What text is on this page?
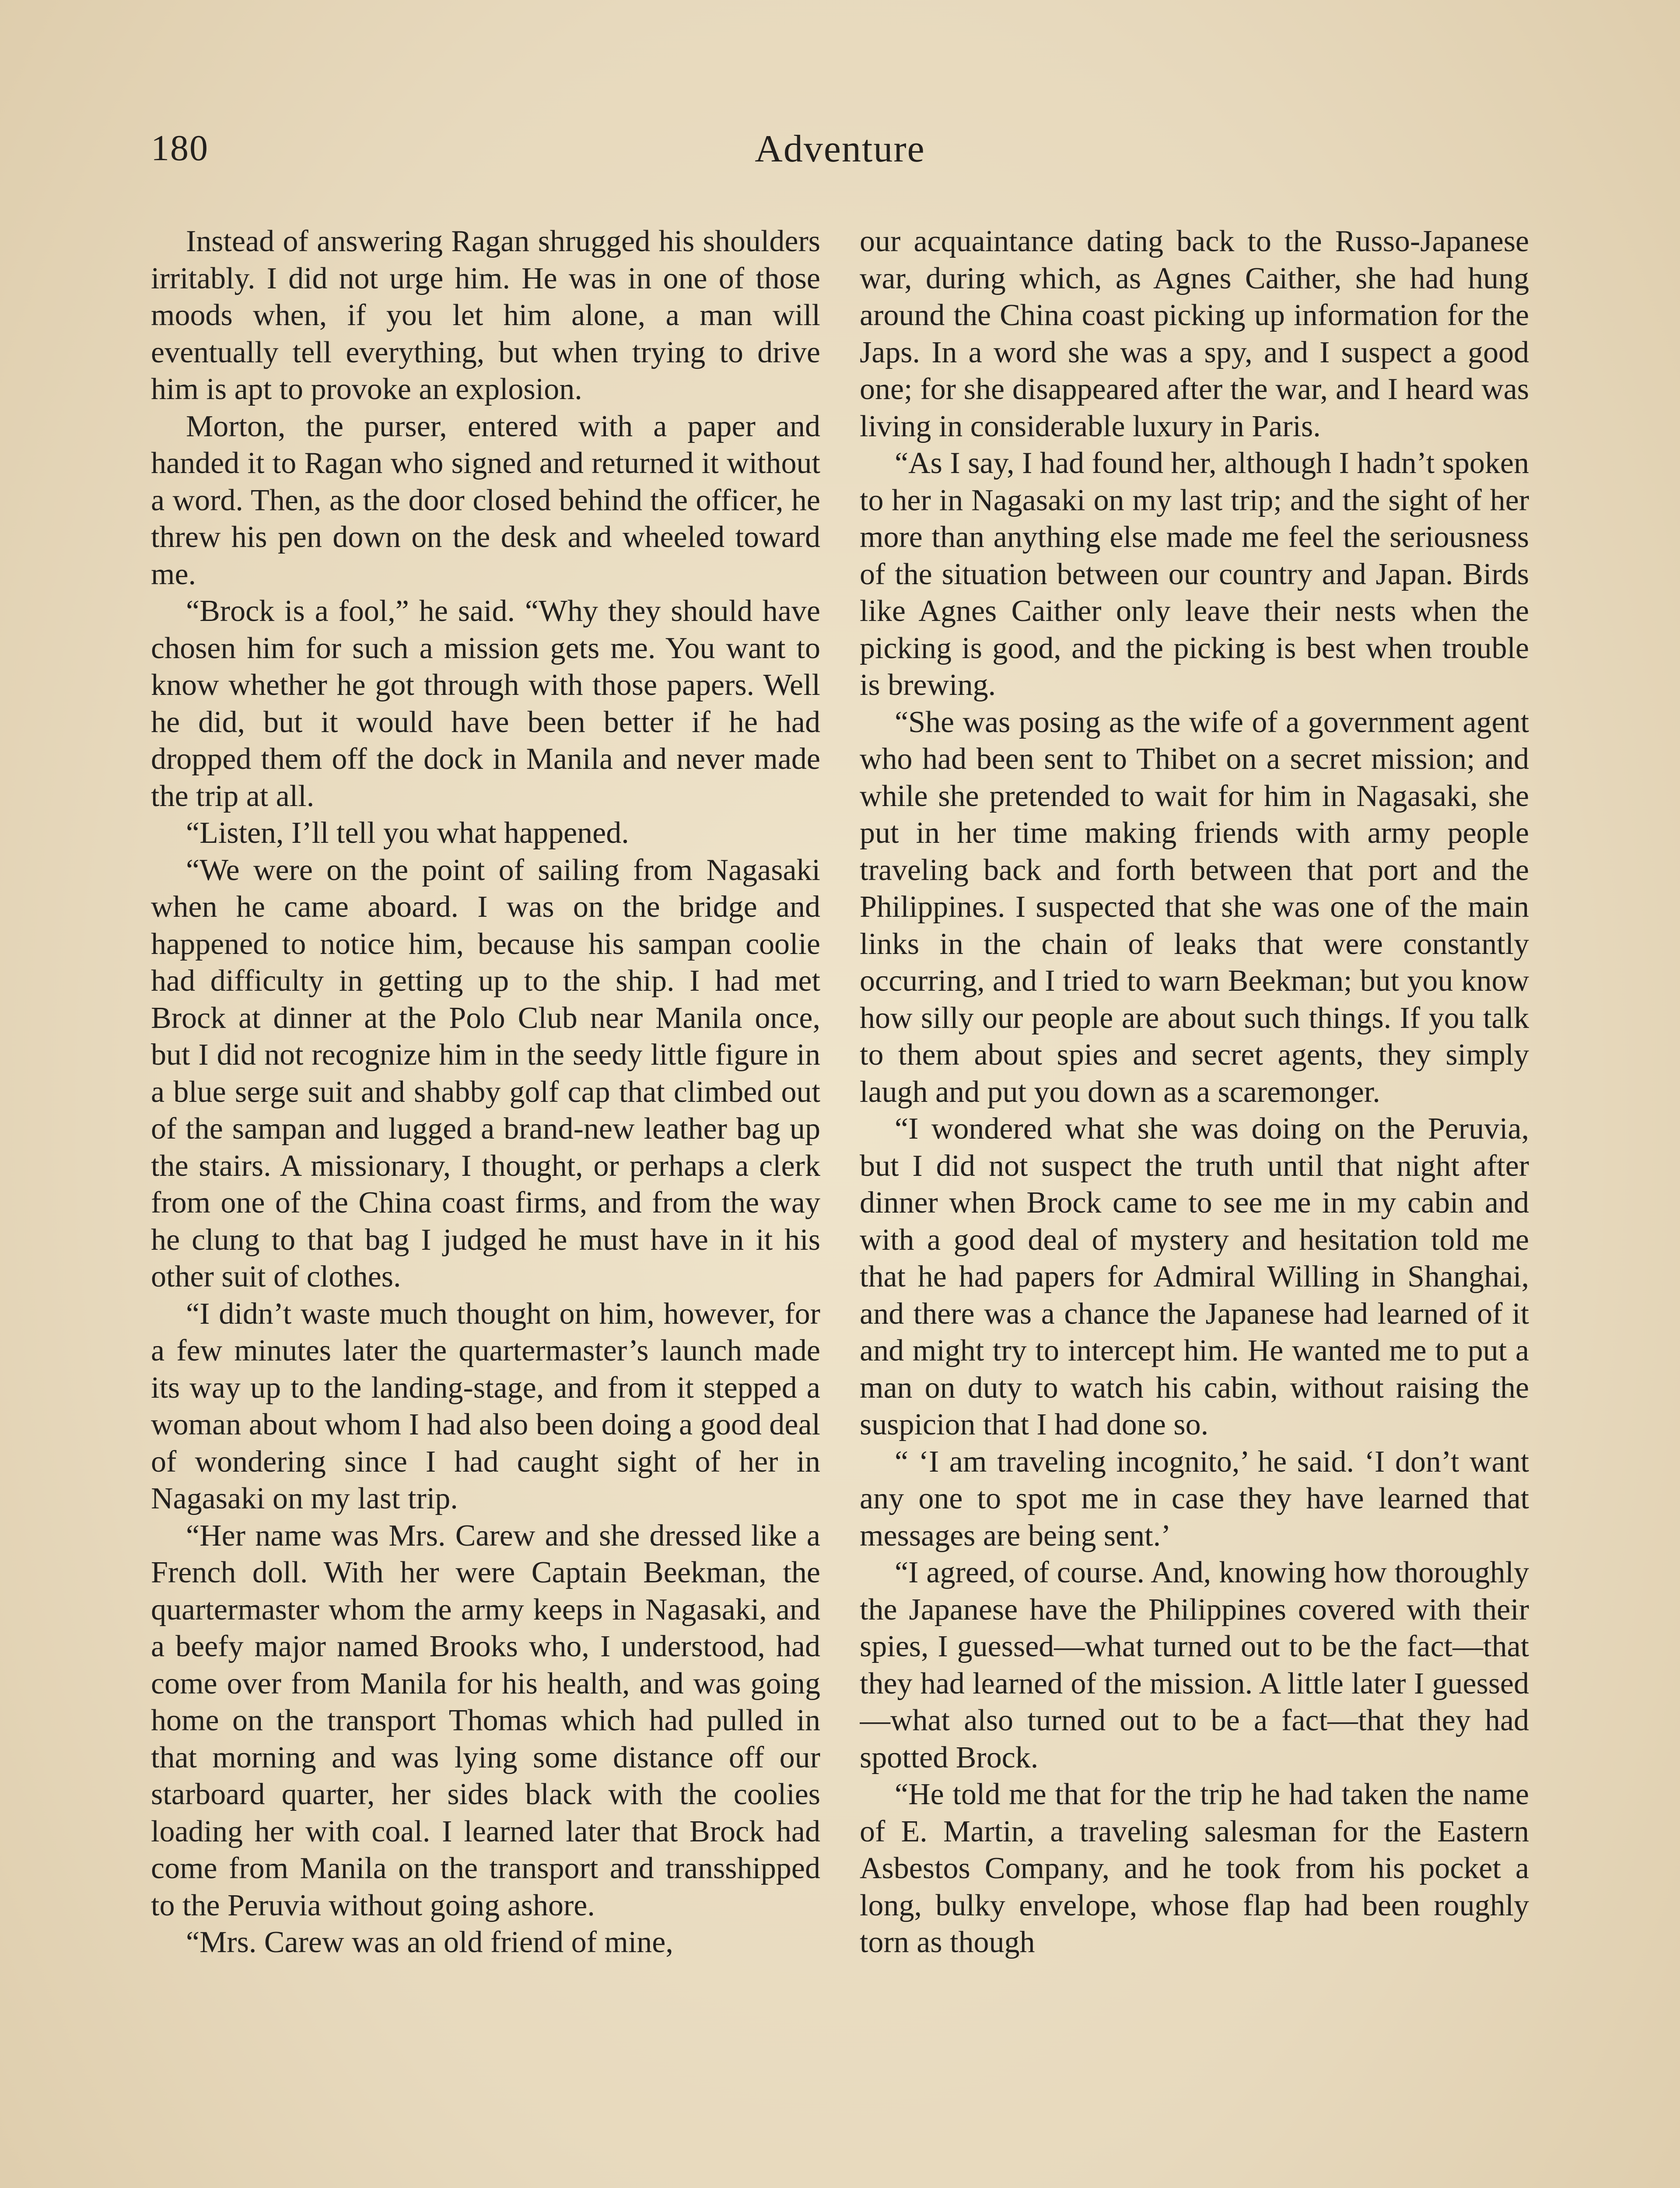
180	Adventure

Instead of answering Ragan shrugged his shoulders irritably. I did not urge him. He was in one of those moods when, if you let him alone, a man will eventually tell everything, but when trying to drive him is apt to provoke an explosion.

Morton, the purser, entered with a paper and handed it to Ragan who signed and returned it without a word. Then, as the door closed behind the officer, he threw his pen down on the desk and wheeled toward me.

“Brock is a fool,” he said. “Why they should have chosen him for such a mission gets me. You want to know whether he got through with those papers. Well he did, but it would have been better if he had dropped them off the dock in Manila and never made the trip at all.

“Listen, I’ll tell you what happened.

“We were on the point of sailing from Nagasaki when he came aboard. I was on the bridge and happened to notice him, because his sampan coolie had difficulty in getting up to the ship. I had met Brock at dinner at the Polo Club near Manila once, but I did not recognize him in the seedy little figure in a blue serge suit and shabby golf cap that climbed out of the sampan and lugged a brand-new leather bag up the stairs. A missionary, I thought, or perhaps a clerk from one of the China coast firms, and from the way he clung to that bag I judged he must have in it his other suit of clothes.

“I didn’t waste much thought on him, however, for a few minutes later the quartermaster’s launch made its way up to the landing-stage, and from it stepped a woman about whom I had also been doing a good deal of wondering since I had caught sight of her in Nagasaki on my last trip.

“Her name was Mrs. Carew and she dressed like a French doll. With her were Captain Beekman, the quartermaster whom the army keeps in Nagasaki, and a beefy major named Brooks who, I understood, had come over from Manila for his health, and was going home on the transport Thomas which had pulled in that morning and was lying some distance off our starboard quarter, her sides black with the coolies loading her with coal. I learned later that Brock had come from Manila on the transport and transshipped to the Peruvia without going ashore.

“Mrs. Carew was an old friend of mine,

our acquaintance dating back to the Russo-Japanese war, during which, as Agnes Caither, she had hung around the China coast picking up information for the Japs. In a word she was a spy, and I suspect a good one; for she disappeared after the war, and I heard was living in considerable luxury in Paris.

“As I say, I had found her, although I hadn’t spoken to her in Nagasaki on my last trip; and the sight of her more than anything else made me feel the seriousness of the situation between our country and Japan. Birds like Agnes Caither only leave their nests when the picking is good, and the picking is best when trouble is brewing.

“She was posing as the wife of a government agent who had been sent to Thibet on a secret mission; and while she pretended to wait for him in Nagasaki, she put in her time making friends with army people traveling back and forth between that port and the Philippines. I suspected that she was one of the main links in the chain of leaks that were constantly occurring, and I tried to warn Beekman; but you know how silly our people are about such things. If you talk to them about spies and secret agents, they simply laugh and put you down as a scaremonger.

“I wondered what she was doing on the Peruvia, but I did not suspect the truth until that night after dinner when Brock came to see me in my cabin and with a good deal of mystery and hesitation told me that he had papers for Admiral Willing in Shanghai, and there was a chance the Japanese had learned of it and might try to intercept him. He wanted me to put a man on duty to watch his cabin, without raising the suspicion that I had done so.

“ ‘I am traveling incognito,’ he said. ‘I don’t want any one to spot me in case they have learned that messages are being sent.’

“I agreed, of course. And, knowing how thoroughly the Japanese have the Philippines covered with their spies, I guessed—what turned out to be the fact—that they had learned of the mission. A little later I guessed—what also turned out to be a fact—that they had spotted Brock.

“He told me that for the trip he had taken the name of E. Martin, a traveling salesman for the Eastern Asbestos Company, and he took from his pocket a long, bulky envelope, whose flap had been roughly torn as though
